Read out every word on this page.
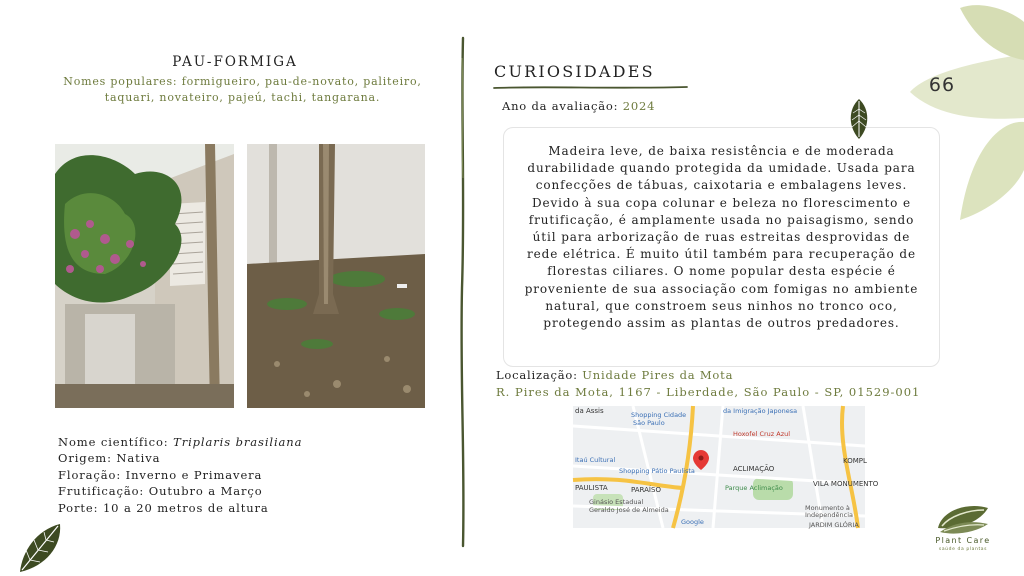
PAU-FORMIGA
Nomes populares: formigueiro, pau-de-novato, paliteiro, taquari, novateiro, pajeú, tachi, tangarana.
Nome científico: Triplaris brasiliana
Origem: Nativa
Floração: Inverno e Primavera
Frutificação: Outubro a Março
Porte: 10 a 20 metros de altura
CURIOSIDADES
Ano da avaliação: 2024
Madeira leve, de baixa resistência e de moderada durabilidade quando protegida da umidade. Usada para confecções de tábuas, caixotaria e embalagens leves. Devido à sua copa colunar e beleza no florescimento e frutificação, é amplamente usada no paisagismo, sendo útil para arborização de ruas estreitas desprovidas de rede elétrica. É muito útil também para recuperação de florestas ciliares. O nome popular desta espécie é proveniente de sua associação com fomigas no ambiente natural, que constroem seus ninhos no tronco oco, protegendo assim as plantas de outros predadores.
Localização: Unidade Pires da Mota
R. Pires da Mota, 1167 - Liberdade, São Paulo - SP, 01529-001
da Assis	Shopping Cidade
São Paulo
da Imigração Japonesa
Hoxofel Cruz Azul
Itaú Cultural
Shopping Pátio Paulista	ACLIMAÇÃO
KOMPL
PAULISTA	PARAÍSO	Parque Aclimação	VILA MONUMENTO
Ginásio Estadual
Geraldo José de Almeida	Monumento à
Independência
JARDIM GLÓRIA
Google
66
Plant Care
saúde da plantas
